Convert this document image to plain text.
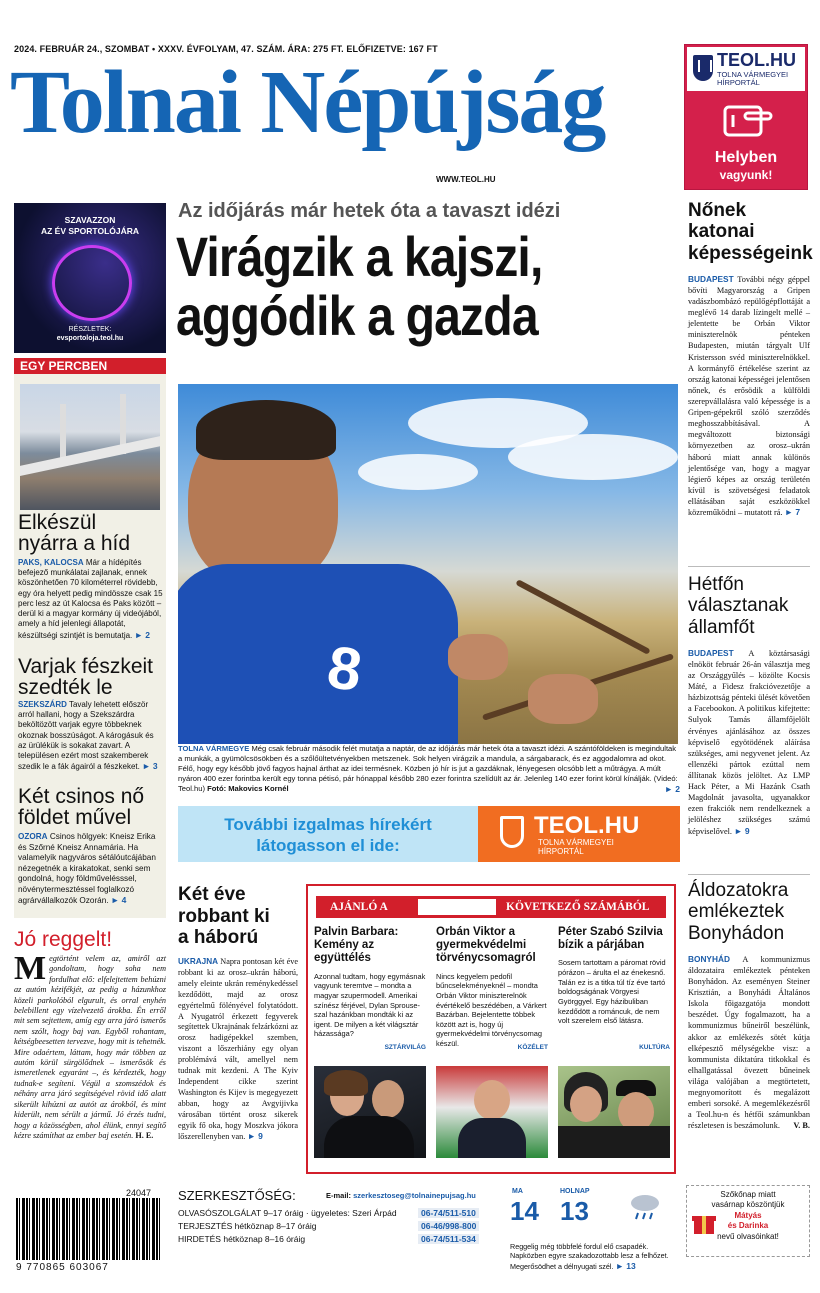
2024. FEBRUÁR 24., SZOMBAT • XXXV. ÉVFOLYAM, 47. SZÁM. ÁRA: 275 FT. ELŐFIZETVE: 167 FT
Tolnai Népújság
WWW.TEOL.HU
TEOL.HU
TOLNA VÁRMEGYEI
HÍRPORTÁL
Helyben
vagyunk!
SZAVAZZON
AZ ÉV SPORTOLÓJÁRA
RÉSZLETEK:
evsportoloja.teol.hu
EGY PERCBEN
Elkészül
nyárra a híd
PAKS, KALOCSA Már a hídépítés befejező munkálatai zajlanak, ennek köszönhetően 70 kilométerrel rövidebb, egy óra helyett pedig mindössze csak 15 perc lesz az út Kalocsa és Paks között – derül ki a magyar kormány új videójából, amely a híd jelenlegi állapotát, készültségi szintjét is bemutatja. ► 2
Varjak fészkeit
szedték le
SZEKSZÁRD Tavaly lehetett először arról hallani, hogy a Szekszárdra beköltözött varjak egyre többeknek okoznak bosszúságot. A károgásuk és az ürülékük is sokakat zavart. A településen ezért most szakemberek szedik le a fák ágairól a fészkeket. ► 3
Két csinos nő
földet művel
OZORA Csinos hölgyek: Kneisz Erika és Szőrné Kneisz Annamária. Ha valamelyik nagyváros sétálóutcájában nézegetnék a kirakatokat, senki sem gondolná, hogy földművelésssel, növénytermesztéssel foglalkozó agrárvállalkozók Ozorán. ► 4
Az időjárás már hetek óta a tavaszt idézi
Virágzik a kajszi,
aggódik a gazda
8
TOLNA VÁRMEGYE Még csak február második felét mutatja a naptár, de az időjárás már hetek óta a tavaszt idézi. A szántóföldeken is megindultak a munkák, a gyümölcsösökben és a szőlőültetvényekben metszenek. Sok helyen virágzik a mandula, a sárgabarack, és ez aggodalomra ad okot. Félő, hogy egy később jövő fagyos hajnal árthat az idei termésnek. Közben jó hír is jut a gazdáknak, lényegesen olcsóbb lett a műtrágya. A múlt nyáron 400 ezer forintba került egy tonna pétisó, pár hónappal később 280 ezer forintra szelídült az ár. Jelenleg 140 ezer forint körül kínálják. (Videó: Teol.hu) Fotó: Makovics Kornél	► 2
További izgalmas hírekért
látogasson el ide:
TEOL.HU
TOLNA VÁRMEGYEI
HÍRPORTÁL
Nőnek
katonai
képességeink
BUDAPEST További négy géppel bővíti Magyarország a Gripen vadászbombázó repülőgépflottáját a meglévő 14 darab lízingelt mellé – jelentette be Orbán Viktor miniszterelnök pénteken Budapesten, miután tárgyalt Ulf Kristersson svéd miniszterelnökkel. A kormányfő értékelése szerint az ország katonai képességei jelentősen nőnek, és erősödik a külföldi szerepvállalásra való képessége is a Gripen-gépekről szóló szerződés meghosszabbításával. A megváltozott biztonsági környezetben az orosz–ukrán háború miatt annak különös jelentősége van, hogy a magyar légierő képes az ország területén kívül is szövetségesi feladatok ellátásában saját eszközökkel közreműködni – mutatott rá. ► 7
Hétfőn
választanak
államfőt
BUDAPEST A köztársasági elnököt február 26-án választja meg az Országgyűlés – közölte Kocsis Máté, a Fidesz frakcióvezetője a házbizottság pénteki ülését követően a Facebookon. A politikus kifejtette: Sulyok Tamás államfőjelölt érvényes ajánlásához az összes képviselő egyötödének aláírása szükséges, ami negyvenet jelent. Az ellenzéki pártok ezúttal nem állítanak közös jelöltet. Az LMP Hack Péter, a Mi Hazánk Csath Magdolnát javasolta, ugyanakkor ezen frakciók nem rendelkeznek a jelöléshez szükséges számú képviselővel. ► 9
Áldozatokra
emlékeztek
Bonyhádon
BONYHÁD A kommunizmus áldozataira emlékeztek pénteken Bonyhádon. Az eseményen Steiner Krisztián, a Bonyhádi Általános Iskola főigazgatója mondott beszédet. Úgy fogalmazott, ha a kommunizmus bűneiről beszélünk, akkor az emlékezés sötét kútja elképesztő mélységekbe visz: a kommunista diktatúra titkokkal és elhallgatással övezett bűneinek világa valójában a megtörtetett, megnyomorított és megalázott emberi sorsoké. A megemlékezésről a Teol.hu-n és hétfői számunkban részletesen is beszámolunk. V. B.
Jó reggelt!
Megtörtént velem az, amiről azt gondoltam, hogy soha nem fordulhat elő: elfelejtettem behúzni az autóm kézifékjét, az pedig a házunkhoz közeli parkolóból elgurult, és orral enyhén belebillent egy vízelvezető árokba. Én erről mit sem sejtettem, amíg egy arra járó ismerős nem szólt, hogy baj van. Egyből rohantam, kétségbeesetten tervezve, hogy mit is tehetnék. Mire odaértem, láttam, hogy már többen az autóm körül sürgölődnek – ismerősök és ismeretlenek egyaránt –, és kérdezték, hogy tudnak-e segíteni. Végül a szomszédok és néhány arra járó segítségével rövid idő alatt sikerült kihúzni az autót az árokból, és mint kiderült, nem sérült a jármű. Jó érzés tudni, hogy a közösségben, ahol élünk, ennyi segítő kézre számíthat az ember baj esetén. H. E.
Két éve
robbant ki
a háború
UKRAJNA Napra pontosan két éve robbant ki az orosz–ukrán háború, amely eleinte ukrán reménykedéssel kezdődött, majd az orosz egyértelmű fölényével folytatódott. A Nyugatról érkezett fegyverek segítettek Ukrajnának felzárkózni az orosz hadigépekkel szemben, viszont a lőszerhiány egy olyan problémává vált, amellyel nem tudnak mit kezdeni. A The Kyiv Independent cikke szerint Washington és Kijev is megegyezett abban, hogy az Avgyijivka városában történt orosz sikerek egyik fő oka, hogy Moszkva jókora lőszerellenyben van. ► 9
AJÁNLÓ A	KÖVETKEZŐ SZÁMÁBÓL
Palvin Barbara: Kemény az együttélés
Azonnal tudtam, hogy egymásnak vagyunk teremtve – mondta a magyar szupermodell. Amerikai színész férjével, Dylan Sprouse-szal hazánkban mondták ki az igent. De milyen a két világsztár házassága?
SZTÁRVILÁG
Orbán Viktor a gyermekvédelmi törvénycsomagról
Nincs kegyelem pedofil bűncselekményeknél – mondta Orbán Viktor miniszterelnök évértékelő beszédében, a Várkert Bazárban. Bejelentette többek között azt is, hogy új gyermekvédelmi törvénycsomag készül.	KÖZÉLET
Péter Szabó Szilvia bízik a párjában
Sosem tartottam a páromat rövid pórázon – árulta el az énekesnő. Talán ez is a titka túl tíz éve tartó boldogságának Vörgyesi Györggyel. Egy házibuliban kezdődött a románcuk, de nem volt szerelem első látásra.
KULTÚRA
24047
9 770865 603067
SZERKESZTŐSÉG:	E-mail: szerkesztoseg@tolnainepujsag.hu
OLVASÓSZOLGÁLAT 9–17 óráig · ügyeletes: Szeri Árpád	06-74/511-510
TERJESZTÉS hétköznap 8–17 óráig	06-46/998-800
HIRDETÉS hétköznap 8–16 óráig	06-74/511-534
MA
14
HOLNAP
13
Reggelig még többfelé fordul elő csapadék. Napközben egyre szakadozottabb lesz a felhőzet. Megerősödhet a délnyugati szél. ► 13
Szőkőnap miatt
vasárnap köszöntjük
Mátyás
és Darinka
nevű olvasóinkat!
